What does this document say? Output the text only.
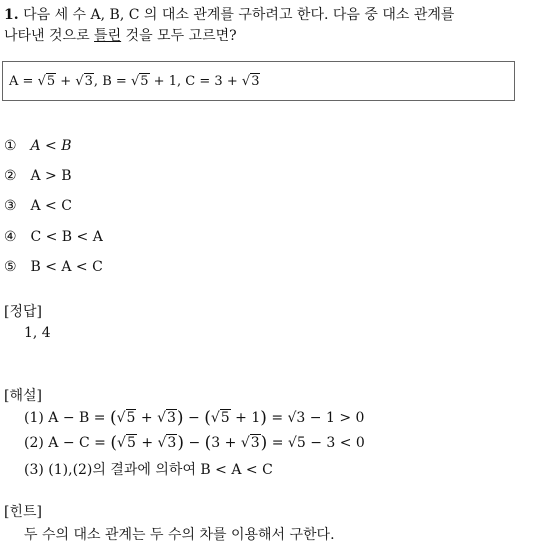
1. 다음 세 수 A, B, C 의 대소 관계를 구하려고 한다. 다음 중 대소 관계를
나타낸 것으로 틀린 것을 모두 고르면?
A = √5 + √3, B = √5 + 1, C = 3 + √3
① A < B
② A > B
③ A < C
④ C < B < A
⑤ B < A < C
[정답]
1, 4
[해설]
(1) A − B = (√5 + √3) − (√5 + 1) = √3 − 1 > 0
(2) A − C = (√5 + √3) − (3 + √3) = √5 − 3 < 0
(3) (1),(2)의 결과에 의하여 B < A < C
[힌트]
두 수의 대소 관계는 두 수의 차를 이용해서 구한다.
